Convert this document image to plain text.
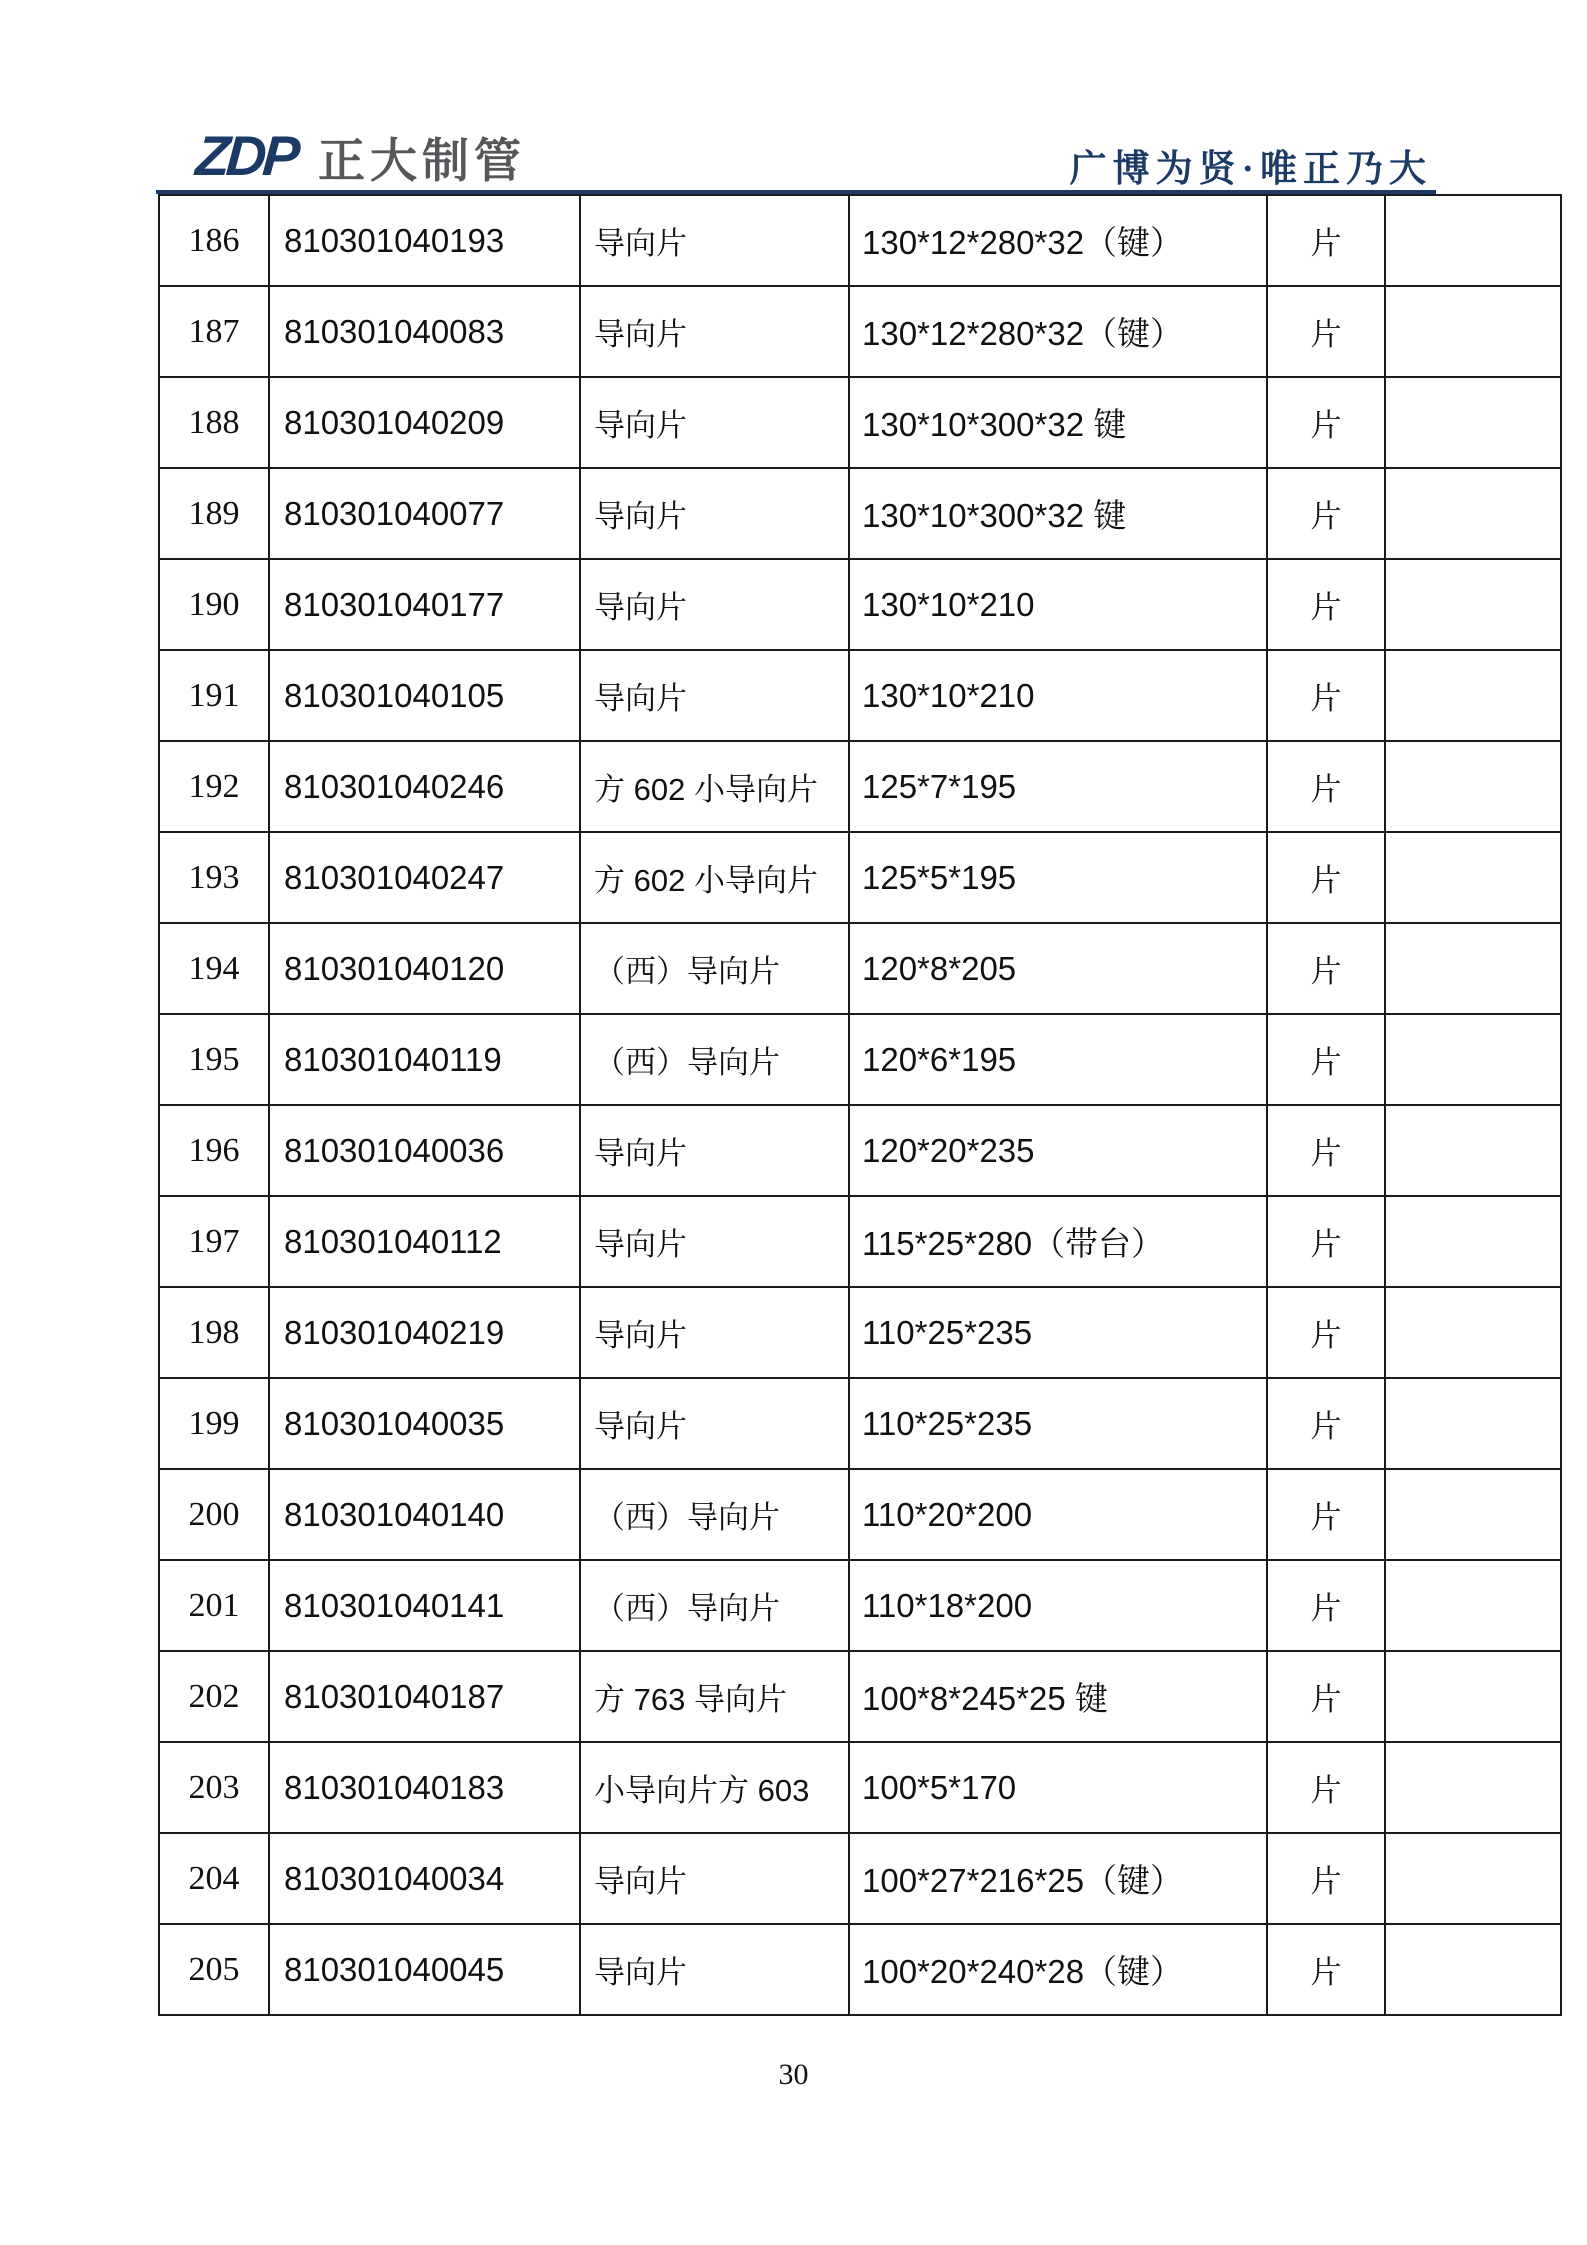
ZDP 正大制管	广博为贤·唯正乃大
186	810301040193	导向片	130*12*280*32（键）	片	
187	810301040083	导向片	130*12*280*32（键）	片	
188	810301040209	导向片	130*10*300*32 键	片	
189	810301040077	导向片	130*10*300*32 键	片	
190	810301040177	导向片	130*10*210	片	
191	810301040105	导向片	130*10*210	片	
192	810301040246	方 602 小导向片	125*7*195	片	
193	810301040247	方 602 小导向片	125*5*195	片	
194	810301040120	（西）导向片	120*8*205	片	
195	810301040119	（西）导向片	120*6*195	片	
196	810301040036	导向片	120*20*235	片	
197	810301040112	导向片	115*25*280（带台）	片	
198	810301040219	导向片	110*25*235	片	
199	810301040035	导向片	110*25*235	片	
200	810301040140	（西）导向片	110*20*200	片	
201	810301040141	（西）导向片	110*18*200	片	
202	810301040187	方 763 导向片	100*8*245*25 键	片	
203	810301040183	小导向片方 603	100*5*170	片	
204	810301040034	导向片	100*27*216*25（键）	片	
205	810301040045	导向片	100*20*240*28（键）	片	
30
